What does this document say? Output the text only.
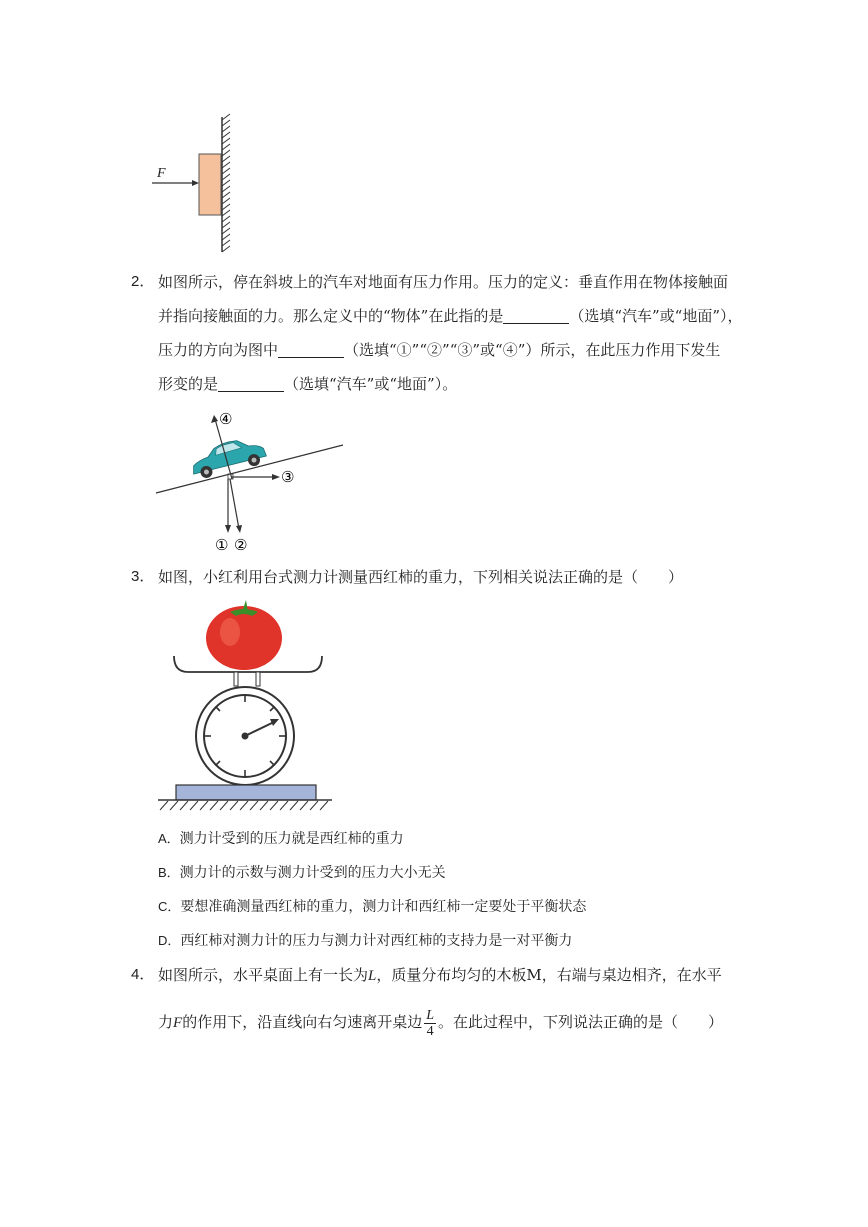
F
2． 如图所示，停在斜坡上的汽车对地面有压力作用。压力的定义：垂直作用在物体接触面
并指向接触面的力。那么定义中的“物体”在此指的是	（选填“汽车”或“地面”），
压力的方向为图中	（选填“①”“②”“③”或“④”）所示，在此压力作用下发生
形变的是	（选填“汽车”或“地面”）。
④
③
① ②
3． 如图，小红利用台式测力计测量西红柿的重力，下列相关说法正确的是（　　）
A．测力计受到的压力就是西红柿的重力
B．测力计的示数与测力计受到的压力大小无关
C．要想准确测量西红柿的重力，测力计和西红柿一定要处于平衡状态
D．西红柿对测力计的压力与测力计对西红柿的支持力是一对平衡力
4． 如图所示，水平桌面上有一长为L，质量分布均匀的木板M，右端与桌边相齐，在水平
力F的作用下，沿直线向右匀速离开桌边 $\frac{L}{4}$ 。在此过程中，下列说法正确的是（　　）
